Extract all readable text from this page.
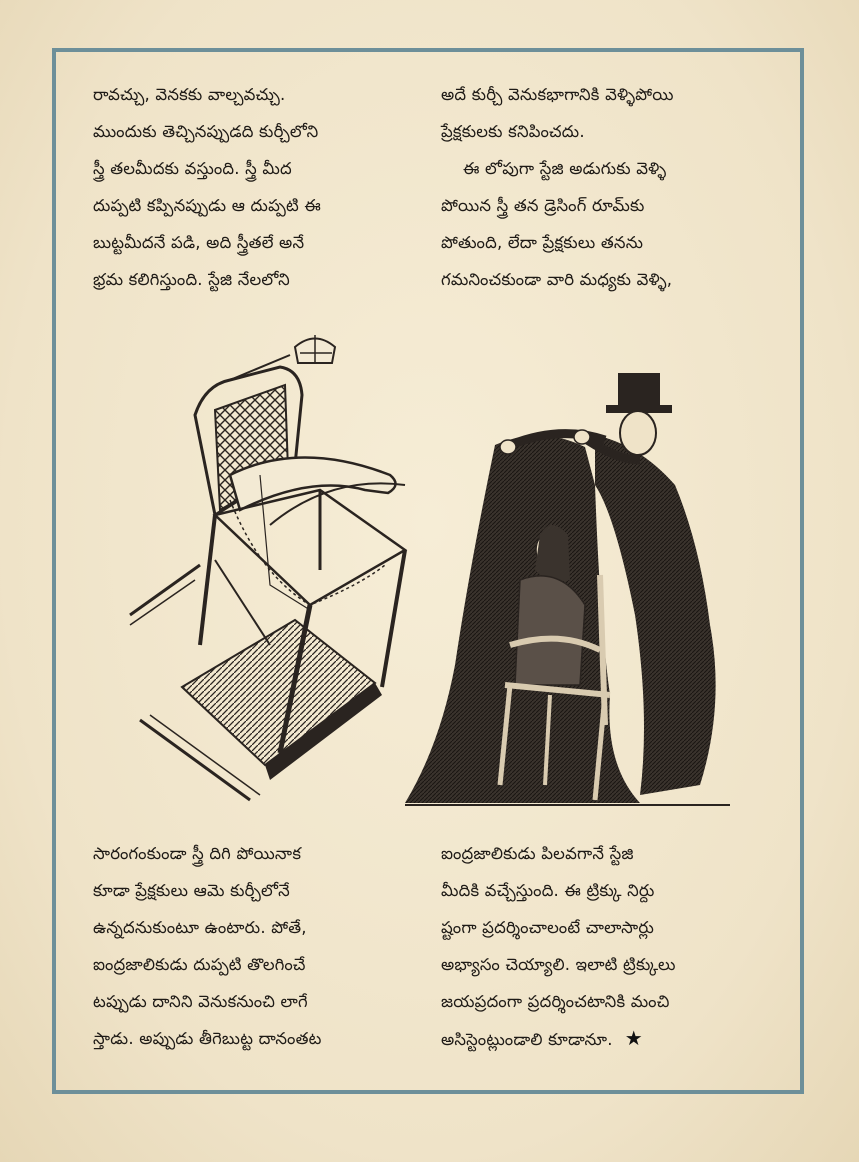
రావచ్చు, వెనకకు వాల్చవచ్చు.

ముందుకు తెచ్చినప్పుడది కుర్చీలోని

స్త్రీ తలమీదకు వస్తుంది. స్త్రీ మీద

దుప్పటి కప్పినప్పుడు ఆ దుప్పటి ఈ

బుట్టమీదనే పడి, అది స్త్రీతలే అనే

భ్రమ కలిగిస్తుంది. స్టేజి నేలలోని

అదే కుర్చీ వెనుకభాగానికి వెళ్ళిపోయి

ప్రేక్షకులకు కనిపించదు.

ఈ లోపుగా స్టేజి అడుగుకు వెళ్ళి

పోయిన స్త్రీ తన డ్రెసింగ్ రూమ్‌కు

పోతుంది, లేదా ప్రేక్షకులు తనను

గమనించకుండా వారి మధ్యకు వెళ్ళి,

సారంగంకుండా స్త్రీ దిగి పోయినాక

కూడా ప్రేక్షకులు ఆమె కుర్చీలోనే

ఉన్నదనుకుంటూ ఉంటారు. పోతే,

ఐంద్రజాలికుడు దుప్పటి తొలగించే

టప్పుడు దానిని వెనుకనుంచి లాగే

స్తాడు. అప్పుడు తీగెబుట్ట దానంతట

ఐంద్రజాలికుడు పిలవగానే స్టేజి

మీదికి వచ్చేస్తుంది. ఈ ట్రిక్కు నిర్దు

ష్టంగా ప్రదర్శించాలంటే చాలాసార్లు

అభ్యాసం చెయ్యాలి. ఇలాటి ట్రిక్కులు

జయప్రదంగా ప్రదర్శించటానికి మంచి

అసిస్టెంట్లుండాలి కూడానూ. ★
